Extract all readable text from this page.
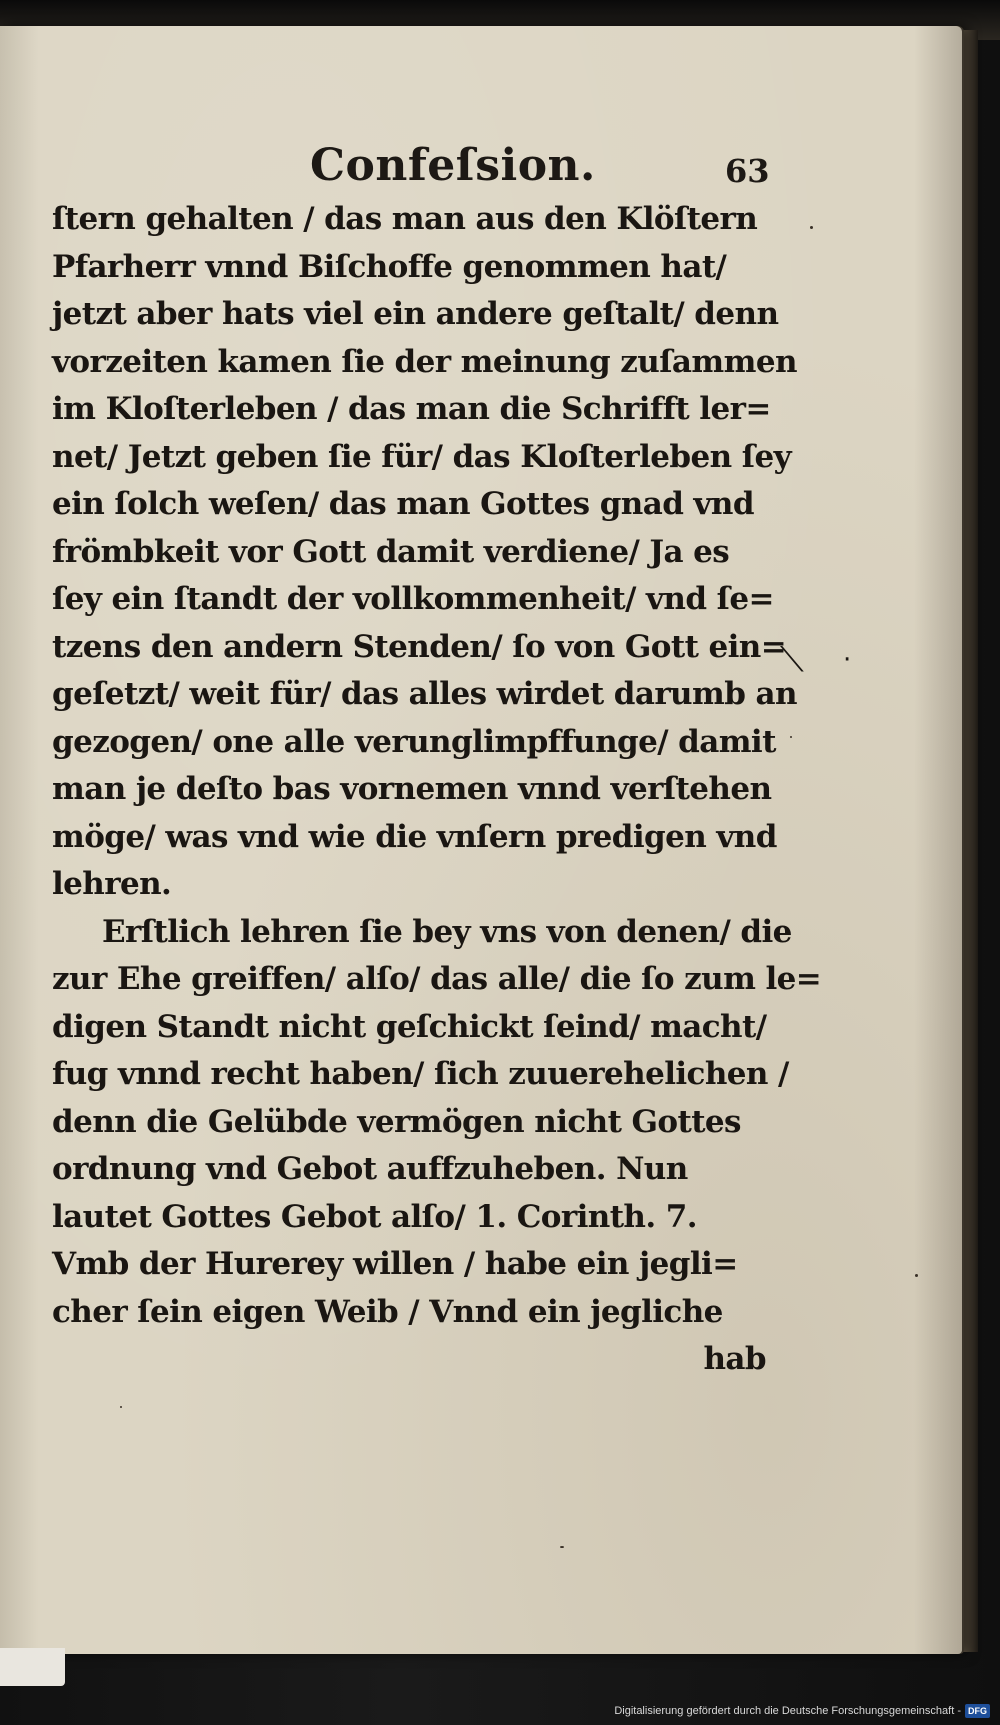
Confeſsion.	63
ſtern gehalten / das man aus den Klöſtern
Pfarherr vnnd Biſchoffe genommen hat/
jetzt aber hats viel ein andere geſtalt/ denn
vorzeiten kamen ſie der meinung zuſammen
im Kloſterleben / das man die Schrifft ler=
net/ Jetzt geben ſie für/ das Kloſterleben ſey
ein ſolch weſen/ das man Gottes gnad vnd
frömbkeit vor Gott damit verdiene/ Ja es
ſey ein ſtandt der vollkommenheit/ vnd ſe=
tzens den andern Stenden/ ſo von Gott ein=
geſetzt/ weit für/ das alles wirdet darumb an
gezogen/ one alle verunglimpffunge/ damit
man je deſto bas vornemen vnnd verſtehen
möge/ was vnd wie die vnſern predigen vnd
lehren.
Erſtlich lehren ſie bey vns von denen/ die
zur Ehe greiffen/ alſo/ das alle/ die ſo zum le=
digen Standt nicht geſchickt ſeind/ macht/
fug vnnd recht haben/ ſich zuuerehelichen /
denn die Gelübde vermögen nicht Gottes
ordnung vnd Gebot auffzuheben. Nun
lautet Gottes Gebot alſo/ 1. Corinth. 7.
Vmb der Hurerey willen / habe ein jegli=
cher ſein eigen Weib / Vnnd ein jegliche
hab
⟍ ·
Digitalisierung gefördert durch die Deutsche Forschungsgemeinschaft - DFG
